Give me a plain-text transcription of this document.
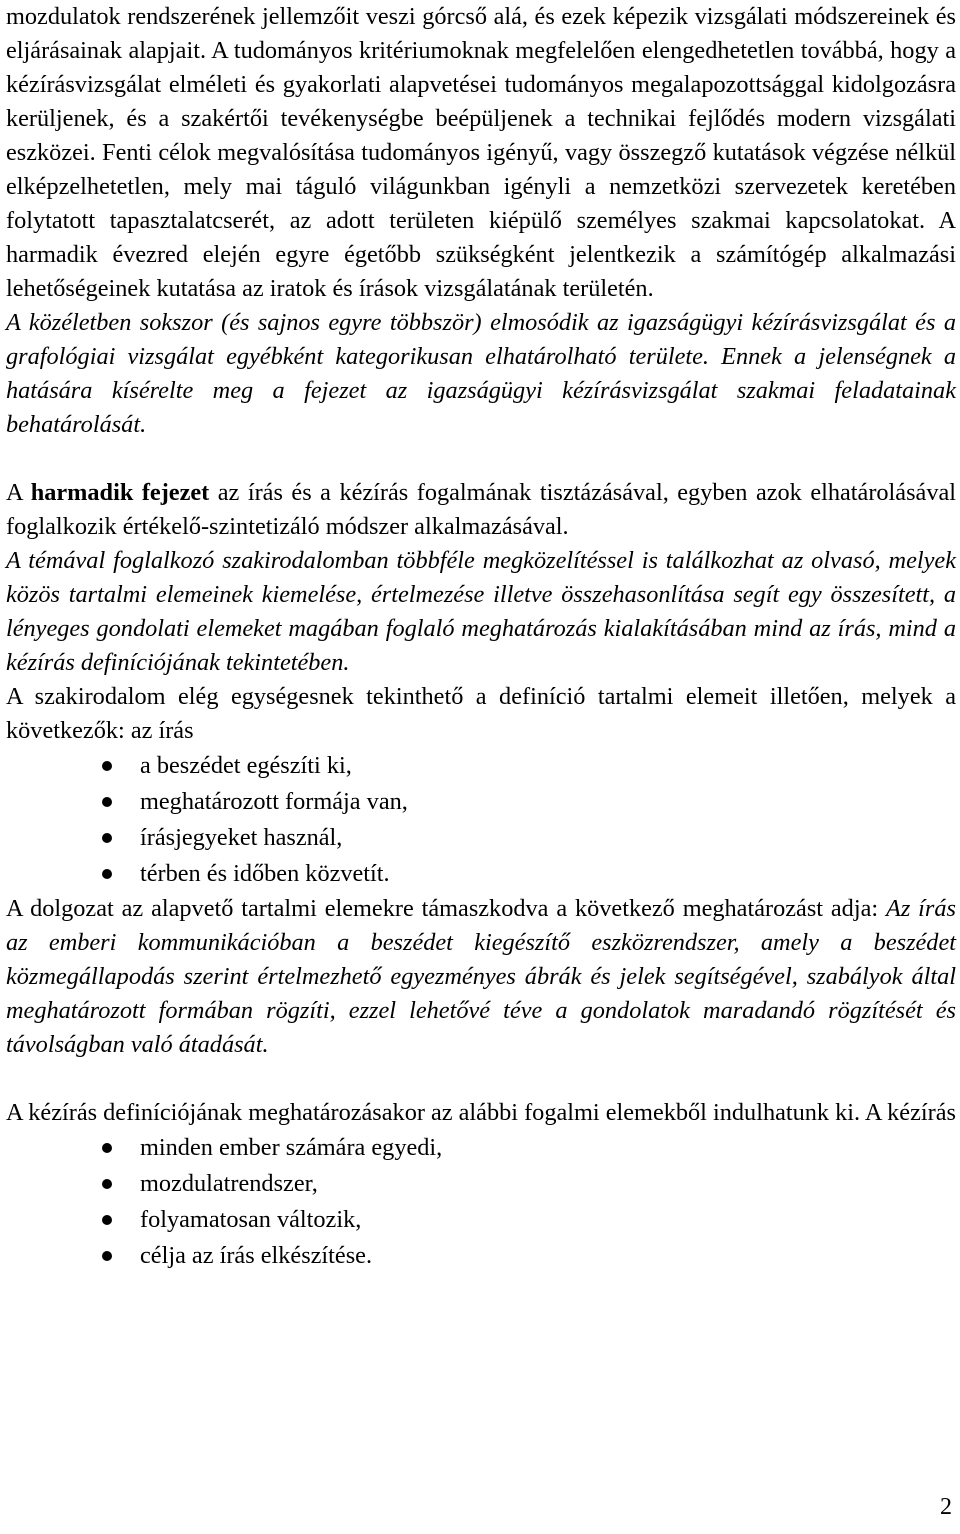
mozdulatok rendszerének jellemzőit veszi górcső alá, és ezek képezik vizsgálati módszereinek és eljárásainak alapjait. A tudományos kritériumoknak megfelelően elengedhetetlen továbbá, hogy a kézírásvizsgálat elméleti és gyakorlati alapvetései tudományos megalapozottsággal kidolgozásra kerüljenek, és a szakértői tevékenységbe beépüljenek a technikai fejlődés modern vizsgálati eszközei. Fenti célok megvalósítása tudományos igényű, vagy összegző kutatások végzése nélkül elképzelhetetlen, mely mai táguló világunkban igényli a nemzetközi szervezetek keretében folytatott tapasztalatcserét, az adott területen kiépülő személyes szakmai kapcsolatokat. A harmadik évezred elején egyre égetőbb szükségként jelentkezik a számítógép alkalmazási lehetőségeinek kutatása az iratok és írások vizsgálatának területén.

A közéletben sokszor (és sajnos egyre többször) elmosódik az igazságügyi kézírásvizsgálat és a grafológiai vizsgálat egyébként kategorikusan elhatárolható területe. Ennek a jelenségnek a hatására kísérelte meg a fejezet az igazságügyi kézírásvizsgálat szakmai feladatainak behatárolását.

A harmadik fejezet az írás és a kézírás fogalmának tisztázásával, egyben azok elhatárolásával foglalkozik értékelő-szintetizáló módszer alkalmazásával.

A témával foglalkozó szakirodalomban többféle megközelítéssel is találkozhat az olvasó, melyek közös tartalmi elemeinek kiemelése, értelmezése illetve összehasonlítása segít egy összesített, a lényeges gondolati elemeket magában foglaló meghatározás kialakításában mind az írás, mind a kézírás definíciójának tekintetében.

A szakirodalom elég egységesnek tekinthető a definíció tartalmi elemeit illetően, melyek a következők: az írás

a beszédet egészíti ki,
meghatározott formája van,
írásjegyeket használ,
térben és időben közvetít.

A dolgozat az alapvető tartalmi elemekre támaszkodva a következő meghatározást adja: Az írás az emberi kommunikációban a beszédet kiegészítő eszközrendszer, amely a beszédet közmegállapodás szerint értelmezhető egyezményes ábrák és jelek segítségével, szabályok által meghatározott formában rögzíti, ezzel lehetővé téve a gondolatok maradandó rögzítését és távolságban való átadását.

A kézírás definíciójának meghatározásakor az alábbi fogalmi elemekből indulhatunk ki. A kézírás

minden ember számára egyedi,
mozdulatrendszer,
folyamatosan változik,
célja az írás elkészítése.
2
